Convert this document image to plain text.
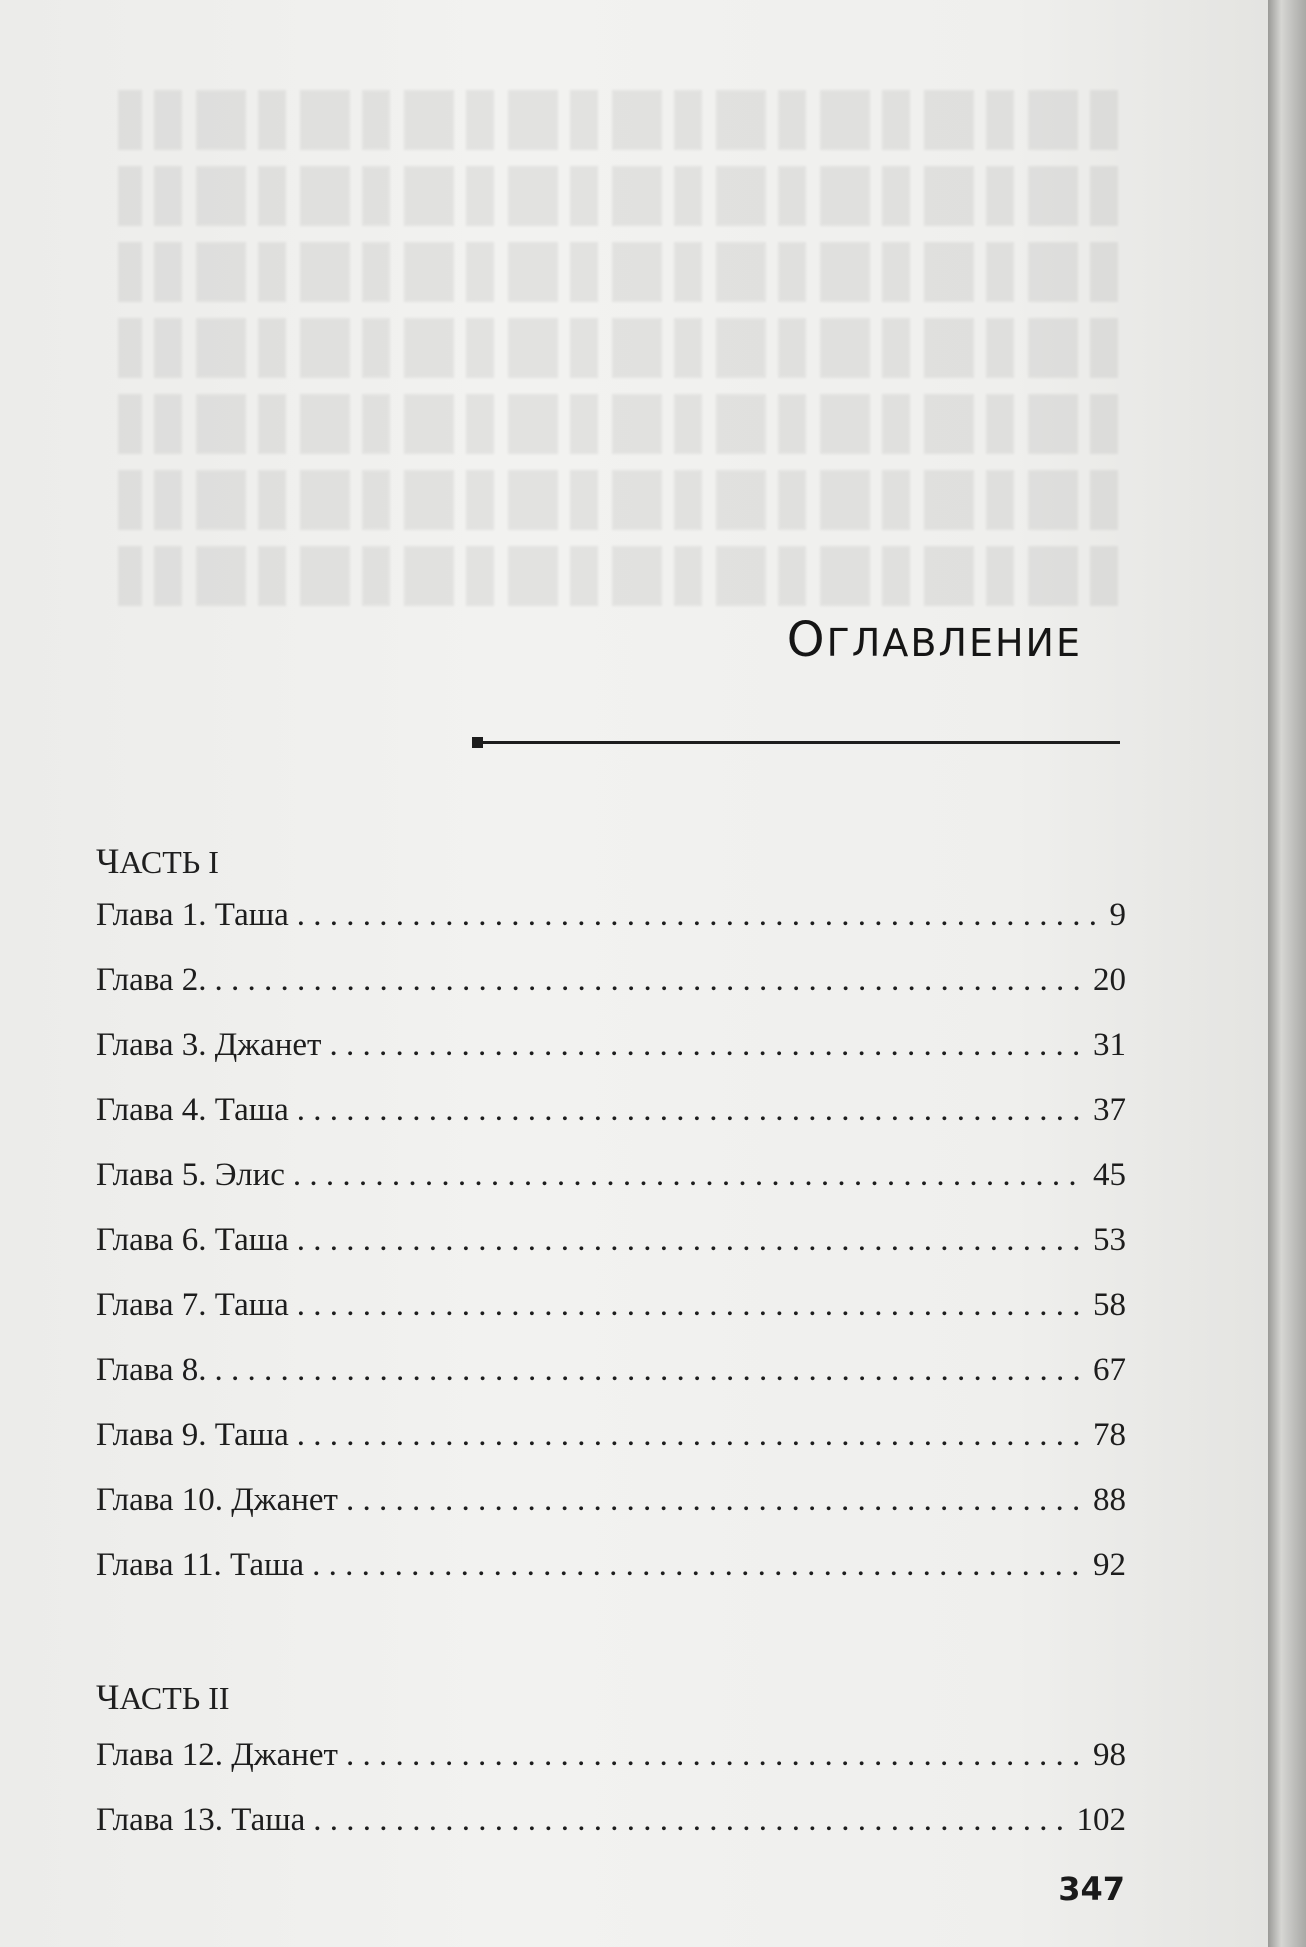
ОГЛАВЛЕНИЕ
ЧАСТЬ I
Глава 1. Таша . . .	9
Глава 2. . . .	20
Глава 3. Джанет . . .	31
Глава 4. Таша . . .	37
Глава 5. Элис . . .	45
Глава 6. Таша . . .	53
Глава 7. Таша . . .	58
Глава 8. . . .	67
Глава 9. Таша . . .	78
Глава 10. Джанет . . .	88
Глава 11. Таша . . .	92
ЧАСТЬ II
Глава 12. Джанет . . .	98
Глава 13. Таша . . .	102
347
